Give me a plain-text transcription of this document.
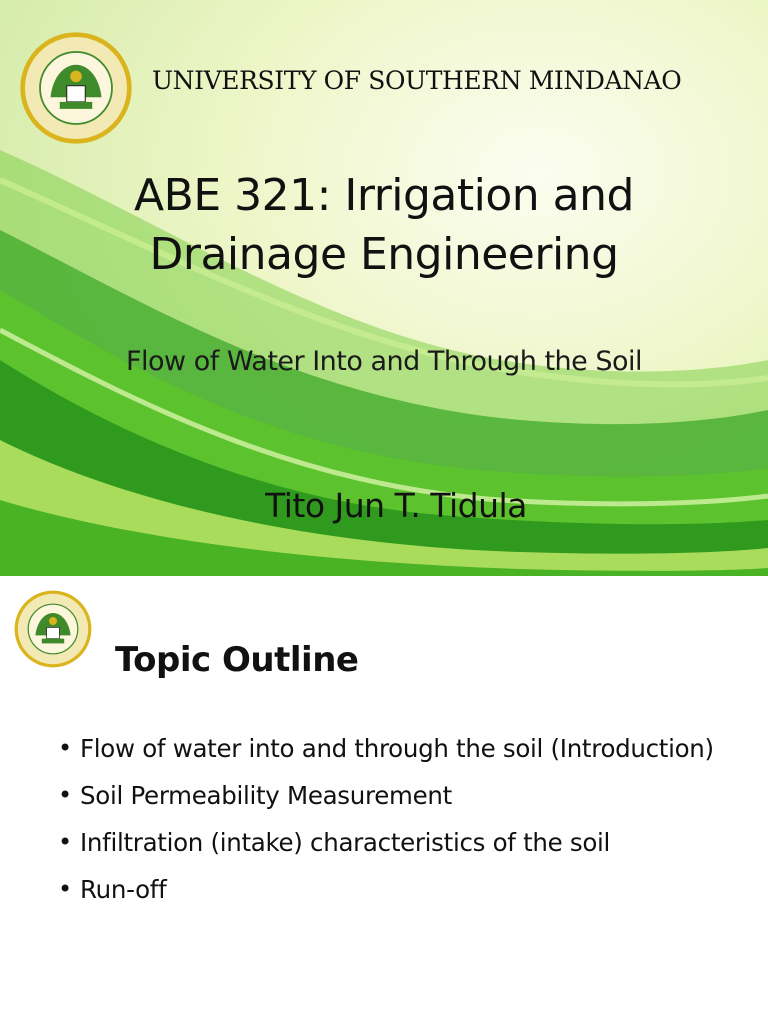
UNIVERSITY OF SOUTHERN MINDANAO
ABE 321: Irrigation and
Drainage Engineering
Flow of Water Into and Through the Soil
Tito Jun T. Tidula
Topic Outline
• Flow of water into and through the soil (Introduction)
• Soil Permeability Measurement
• Infiltration (intake) characteristics of the soil
• Run-off
